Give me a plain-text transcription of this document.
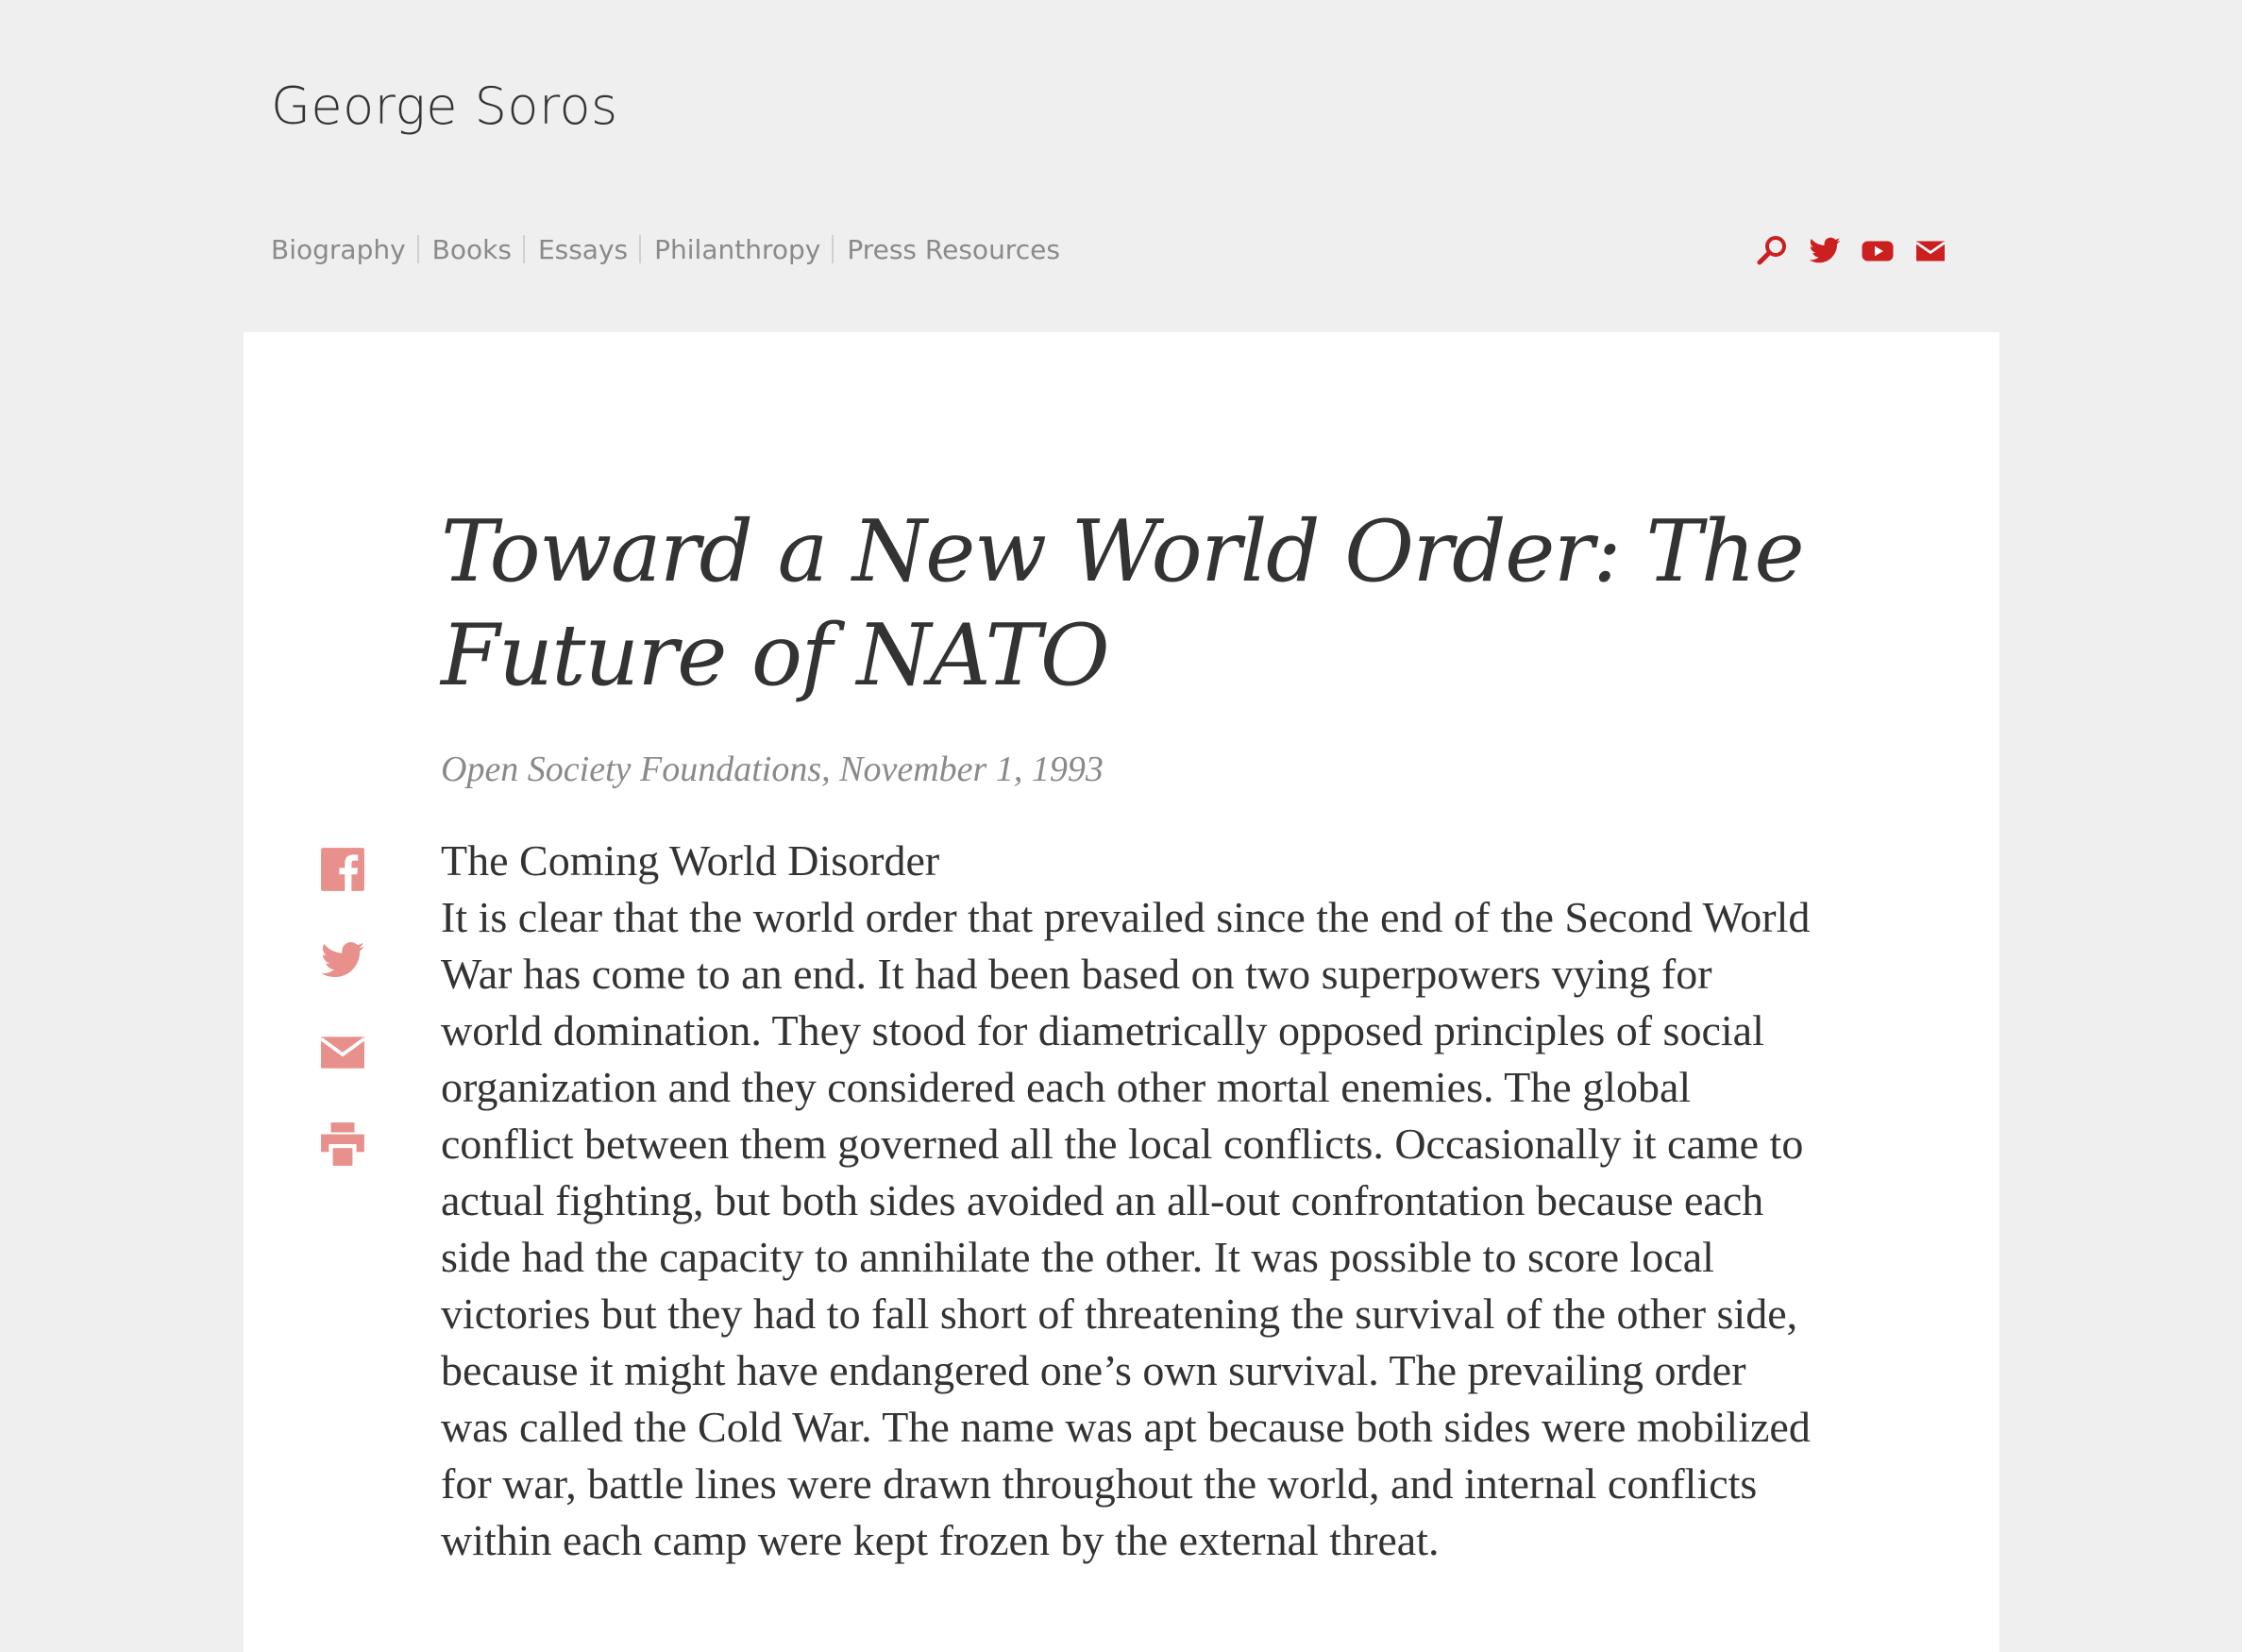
George Soros
Biography Books Essays Philanthropy Press Resources
Toward a New World Order: The Future of NATO

Open Society Foundations, November 1, 1993

The Coming World Disorder

It is clear that the world order that prevailed since the end of the Second World War has come to an end. It had been based on two superpowers vying for world domination. They stood for diametrically opposed principles of social organization and they considered each other mortal enemies. The global conflict between them governed all the local conflicts. Occasionally it came to actual fighting, but both sides avoided an all-out confrontation because each side had the capacity to annihilate the other. It was possible to score local victories but they had to fall short of threatening the survival of the other side, because it might have endangered one’s own survival. The prevailing order was called the Cold War. The name was apt because both sides were mobilized for war, battle lines were drawn throughout the world, and internal conflicts within each camp were kept frozen by the external threat.
